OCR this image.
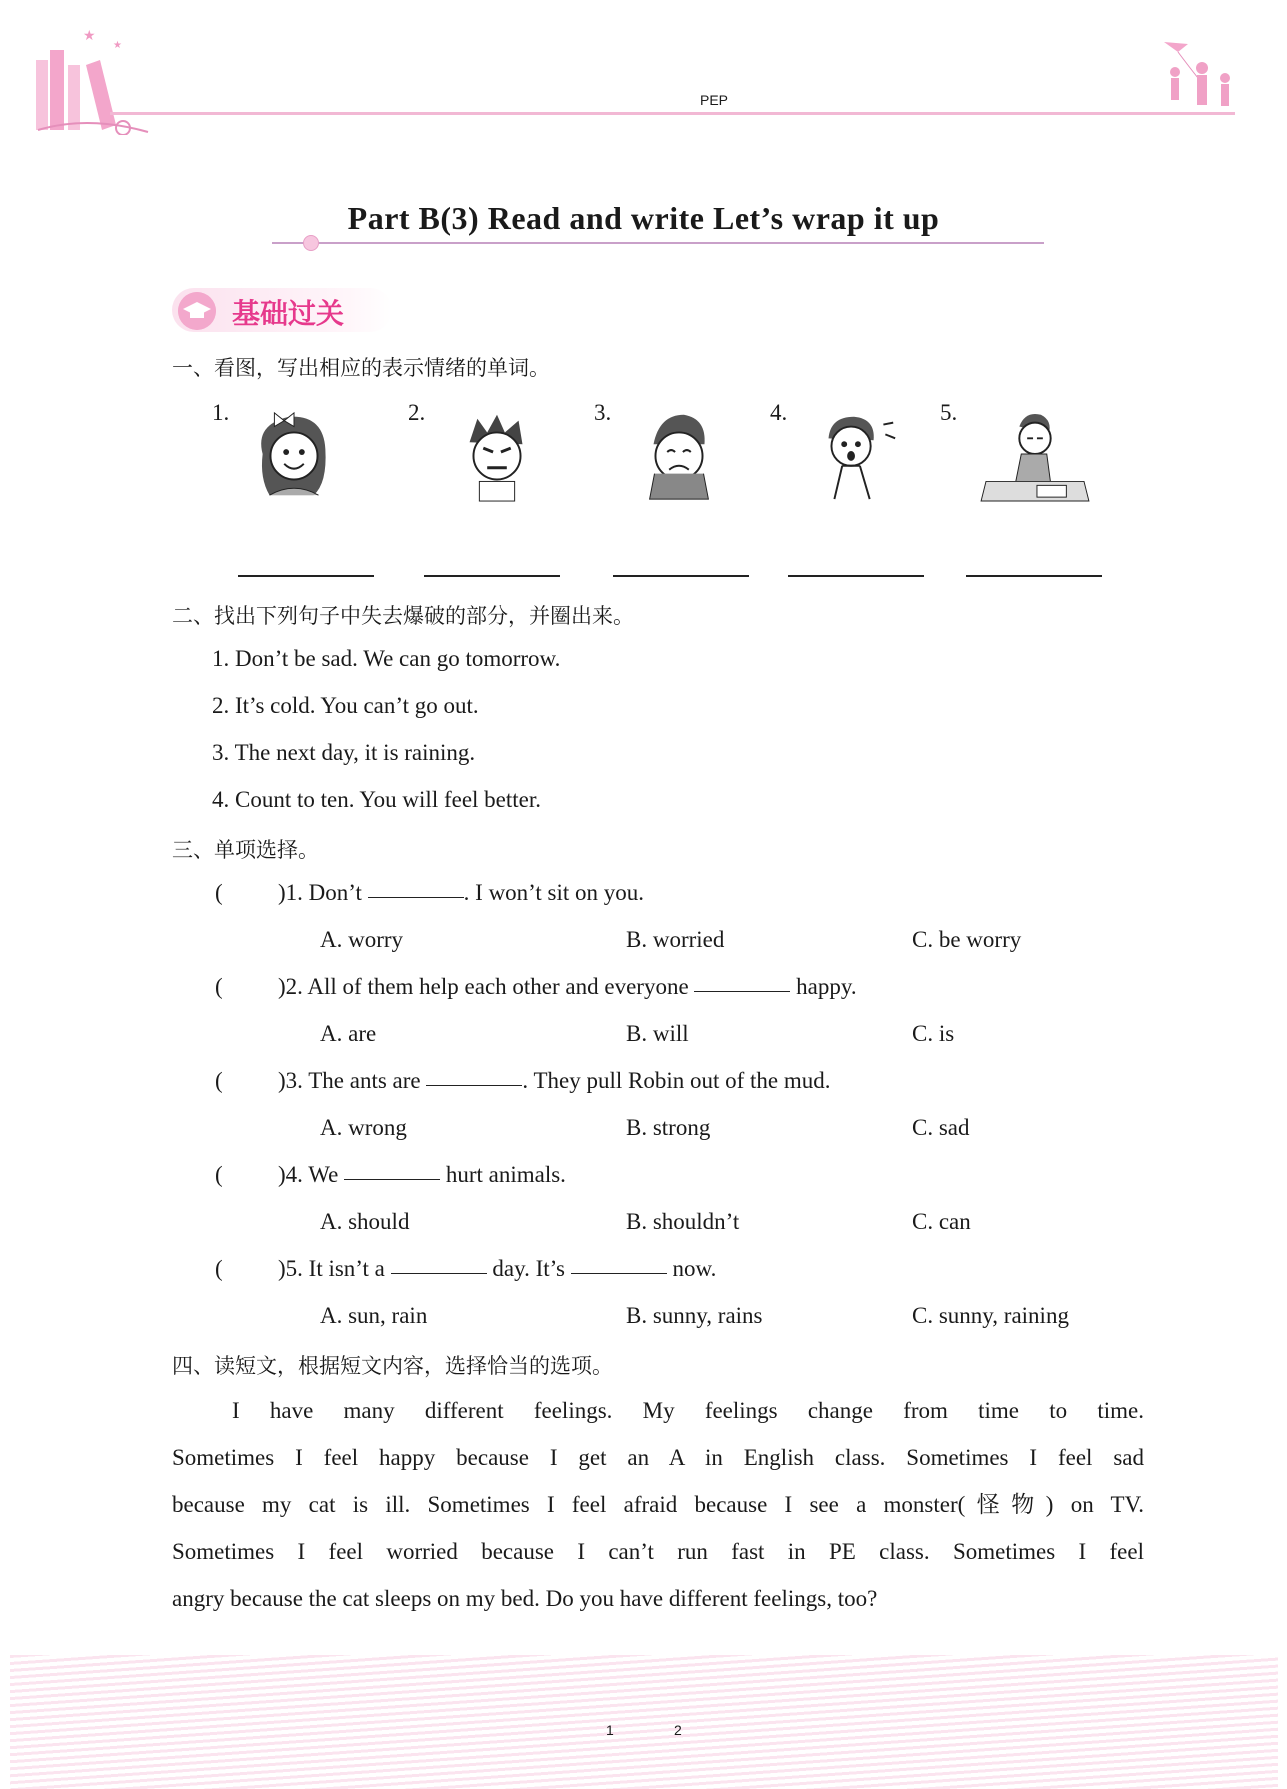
★
★
PEP
Part B(3) Read and write Let’s wrap it up
基础过关
一、看图，写出相应的表示情绪的单词。
1.	2.	3.	4.	5.
二、找出下列句子中失去爆破的部分，并圈出来。
1. Don’t be sad. We can go tomorrow.
2. It’s cold. You can’t go out.
3. The next day, it is raining.
4. Count to ten. You will feel better.
三、单项选择。
( )1. Don’t	. I won’t sit on you.
A. worry	B. worried	C. be worry
( )2. All of them help each other and everyone	happy.
A. are	B. will	C. is
( )3. The ants are	. They pull Robin out of the mud.
A. wrong	B. strong	C. sad
( )4. We	hurt animals.
A. should	B. shouldn’t	C. can
( )5. It isn’t a	day. It’s	now.
A. sun, rain	B. sunny, rains	C. sunny, raining
四、读短文，根据短文内容，选择恰当的选项。
I have many different feelings. My feelings change from time to time.
Sometimes I feel happy because I get an A in English class. Sometimes I feel sad
because my cat is ill. Sometimes I feel afraid because I see a monster(怪物) on TV.
Sometimes I feel worried because I can’t run fast in PE class. Sometimes I feel
angry because the cat sleeps on my bed. Do you have different feelings, too?
1	2
